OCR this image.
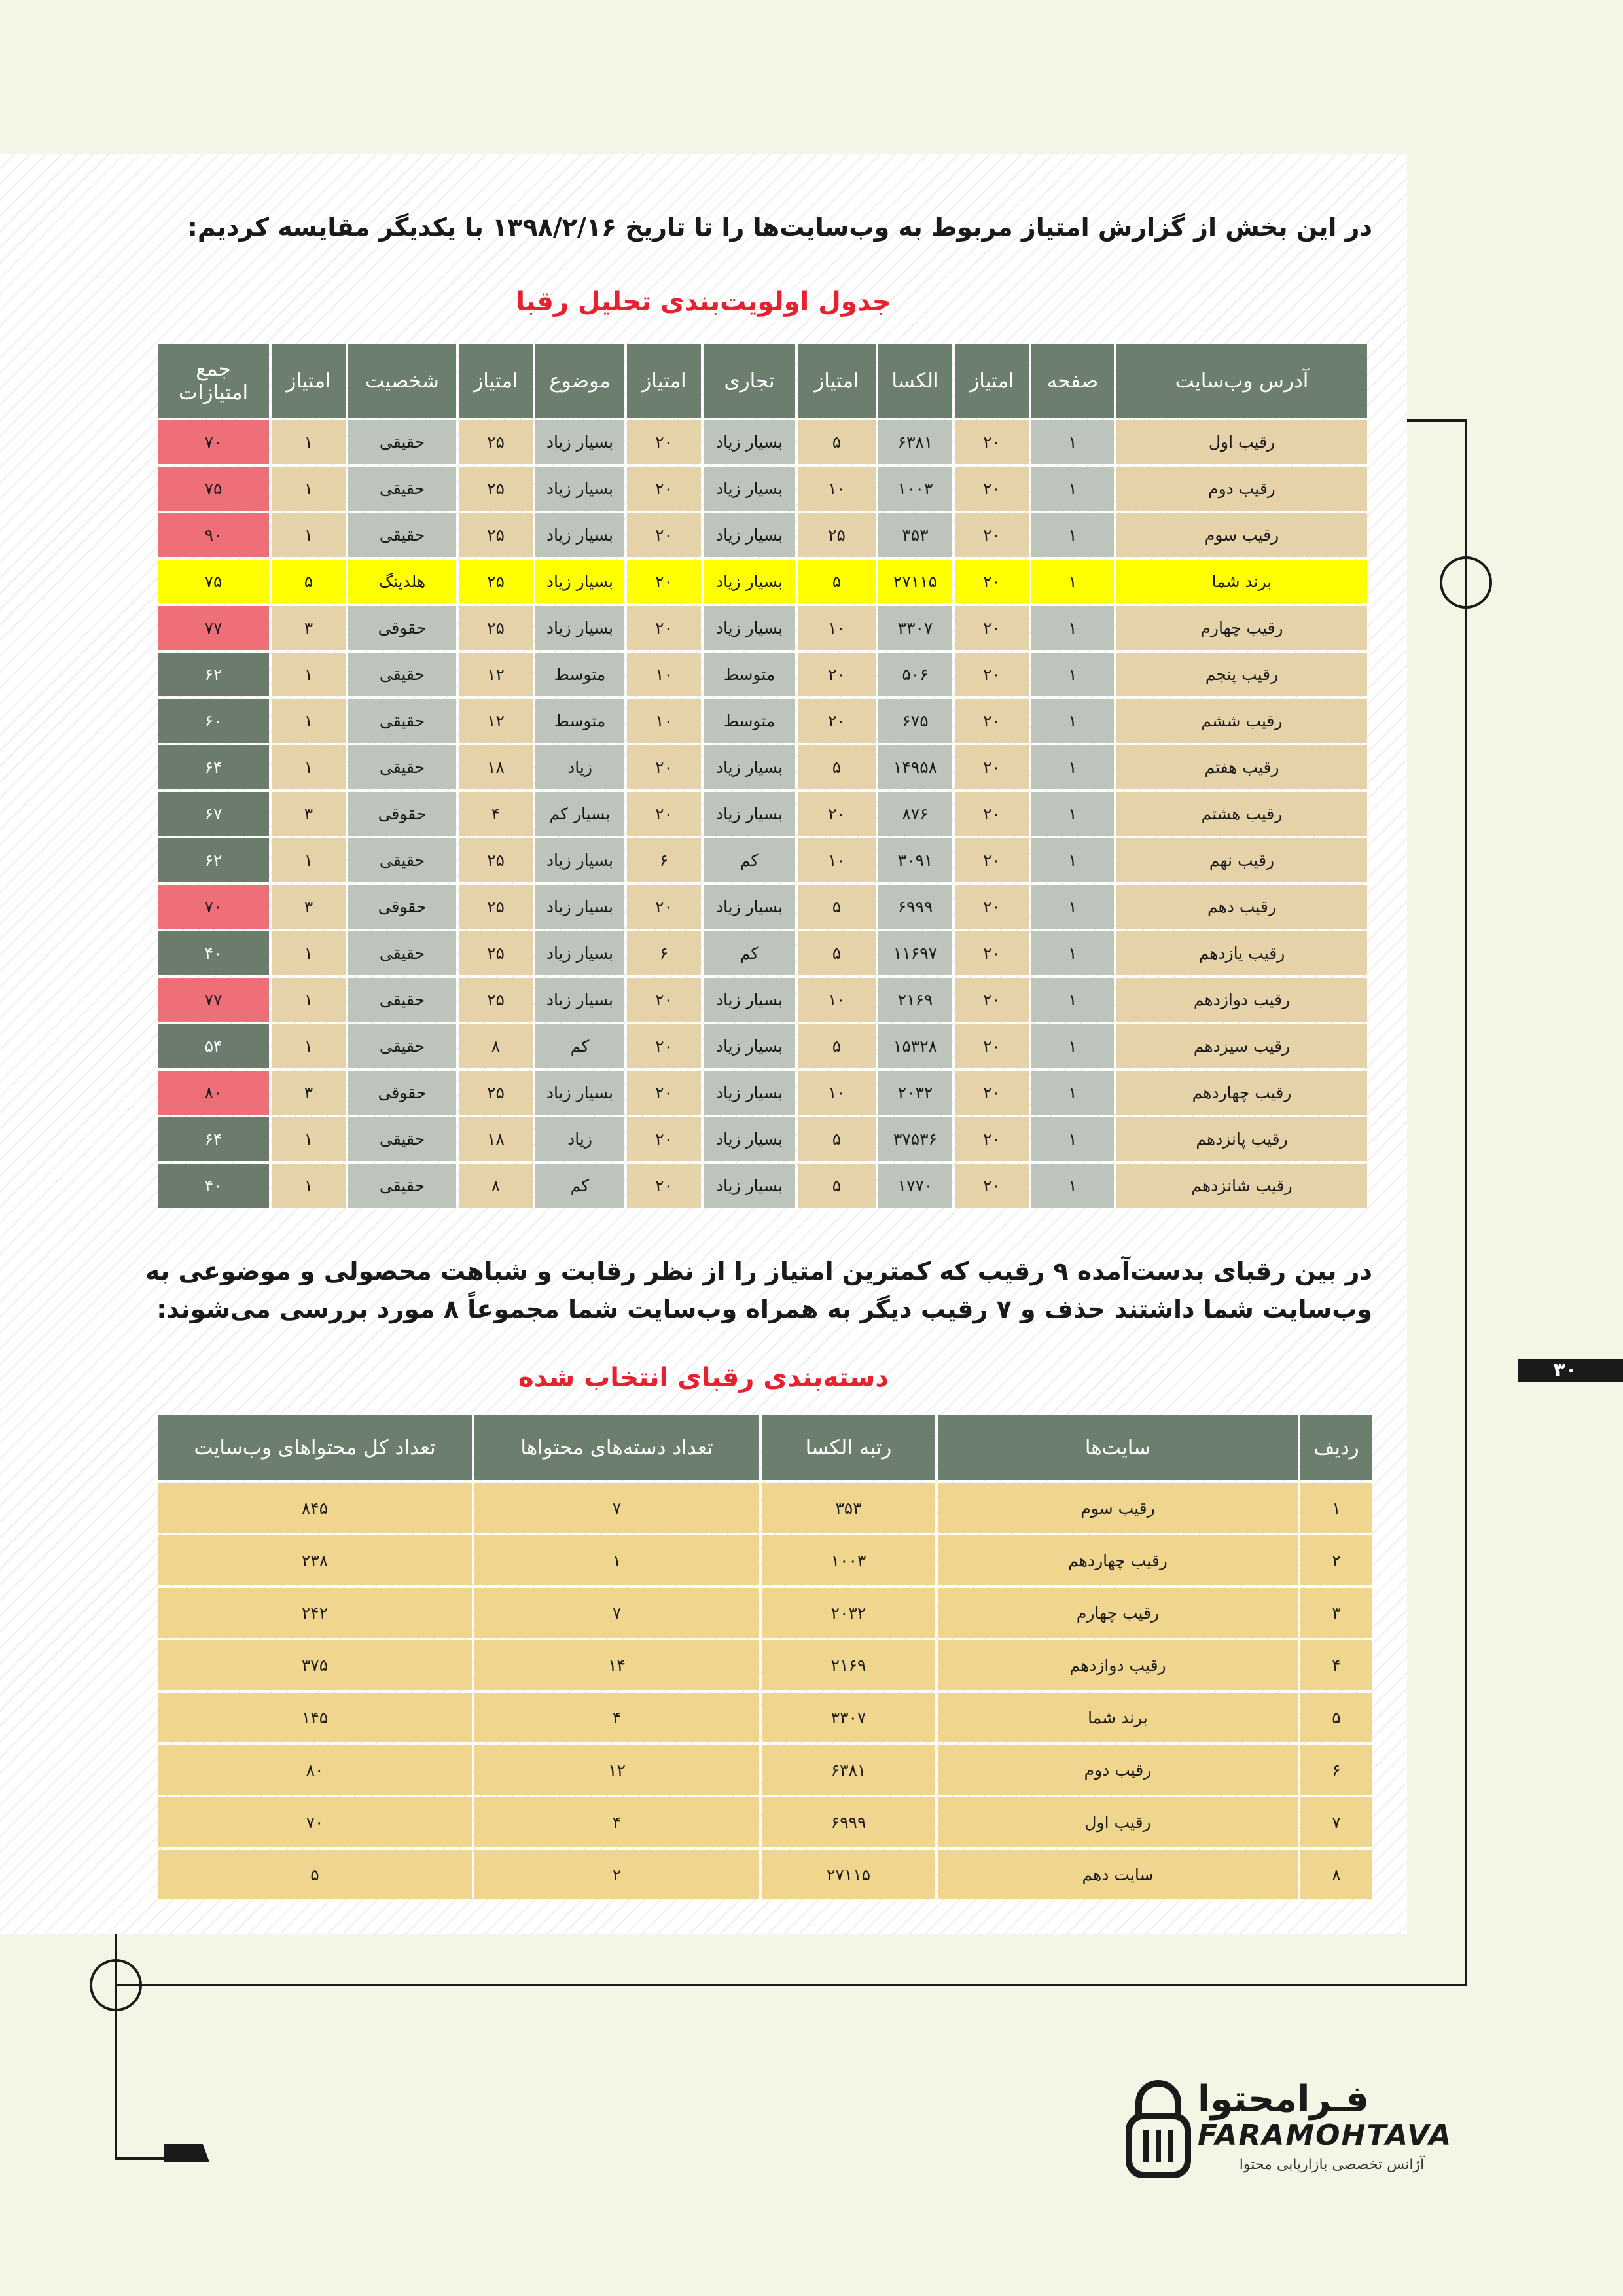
در این بخش از گزارش امتیاز مربوط به وب‌سایت‌ها را تا تاریخ ۱۳۹۸/۲/۱۶ با یکدیگر مقایسه کردیم:

جدول اولویت‌بندی تحلیل رقبا

آدرس وب‌سایت	صفحه	امتیاز	الکسا	امتیاز	تجاری	امتیاز	موضوع	امتیاز	شخصیت	امتیاز	جمع امتیازات
رقیب اول	۱	۲۰	۶۳۸۱	۵	بسیار زیاد	۲۰	بسیار زیاد	۲۵	حقیقی	۱	۷۰
رقیب دوم	۱	۲۰	۱۰۰۳	۱۰	بسیار زیاد	۲۰	بسیار زیاد	۲۵	حقیقی	۱	۷۵
رقیب سوم	۱	۲۰	۳۵۳	۲۵	بسیار زیاد	۲۰	بسیار زیاد	۲۵	حقیقی	۱	۹۰
برند شما	۱	۲۰	۲۷۱۱۵	۵	بسیار زیاد	۲۰	بسیار زیاد	۲۵	هلدینگ	۵	۷۵
رقیب چهارم	۱	۲۰	۳۳۰۷	۱۰	بسیار زیاد	۲۰	بسیار زیاد	۲۵	حقوقی	۳	۷۷
رقیب پنجم	۱	۲۰	۵۰۶	۲۰	متوسط	۱۰	متوسط	۱۲	حقیقی	۱	۶۲
رقیب ششم	۱	۲۰	۶۷۵	۲۰	متوسط	۱۰	متوسط	۱۲	حقیقی	۱	۶۰
رقیب هفتم	۱	۲۰	۱۴۹۵۸	۵	بسیار زیاد	۲۰	زیاد	۱۸	حقیقی	۱	۶۴
رقیب هشتم	۱	۲۰	۸۷۶	۲۰	بسیار زیاد	۲۰	بسیار کم	۴	حقوقی	۳	۶۷
رقیب نهم	۱	۲۰	۳۰۹۱	۱۰	کم	۶	بسیار زیاد	۲۵	حقیقی	۱	۶۲
رقیب دهم	۱	۲۰	۶۹۹۹	۵	بسیار زیاد	۲۰	بسیار زیاد	۲۵	حقوقی	۳	۷۰
رقیب یازدهم	۱	۲۰	۱۱۶۹۷	۵	کم	۶	بسیار زیاد	۲۵	حقیقی	۱	۴۰
رقیب دوازدهم	۱	۲۰	۲۱۶۹	۱۰	بسیار زیاد	۲۰	بسیار زیاد	۲۵	حقیقی	۱	۷۷
رقیب سیزدهم	۱	۲۰	۱۵۳۲۸	۵	بسیار زیاد	۲۰	کم	۸	حقیقی	۱	۵۴
رقیب چهاردهم	۱	۲۰	۲۰۳۲	۱۰	بسیار زیاد	۲۰	بسیار زیاد	۲۵	حقوقی	۳	۸۰
رقیب پانزدهم	۱	۲۰	۳۷۵۳۶	۵	بسیار زیاد	۲۰	زیاد	۱۸	حقیقی	۱	۶۴
رقیب شانزدهم	۱	۲۰	۱۷۷۰	۵	بسیار زیاد	۲۰	کم	۸	حقیقی	۱	۴۰

در بین رقبای بدست‌آمده ۹ رقیب که کمترین امتیاز را از نظر رقابت و شباهت محصولی و موضوعی به وب‌سایت شما داشتند حذف و ۷ رقیب دیگر به همراه وب‌سایت شما مجموعاً ۸ مورد بررسی می‌شوند:

دسته‌بندی رقبای انتخاب شده

ردیف	سایت‌ها	رتبه الکسا	تعداد دسته‌های محتواها	تعداد کل محتواهای وب‌سایت
۱	رقیب سوم	۳۵۳	۷	۸۴۵
۲	رقیب چهاردهم	۱۰۰۳	۱	۲۳۸
۳	رقیب چهارم	۲۰۳۲	۷	۲۴۲
۴	رقیب دوازدهم	۲۱۶۹	۱۴	۳۷۵
۵	برند شما	۳۳۰۷	۴	۱۴۵
۶	رقیب دوم	۶۳۸۱	۱۲	۸۰
۷	رقیب اول	۶۹۹۹	۴	۷۰
۸	سایت دهم	۲۷۱۱۵	۲	۵
۳۰
فـرامحتوا
FARAMOHTAVA
آژانس تخصصی بازاریابی محتوا
